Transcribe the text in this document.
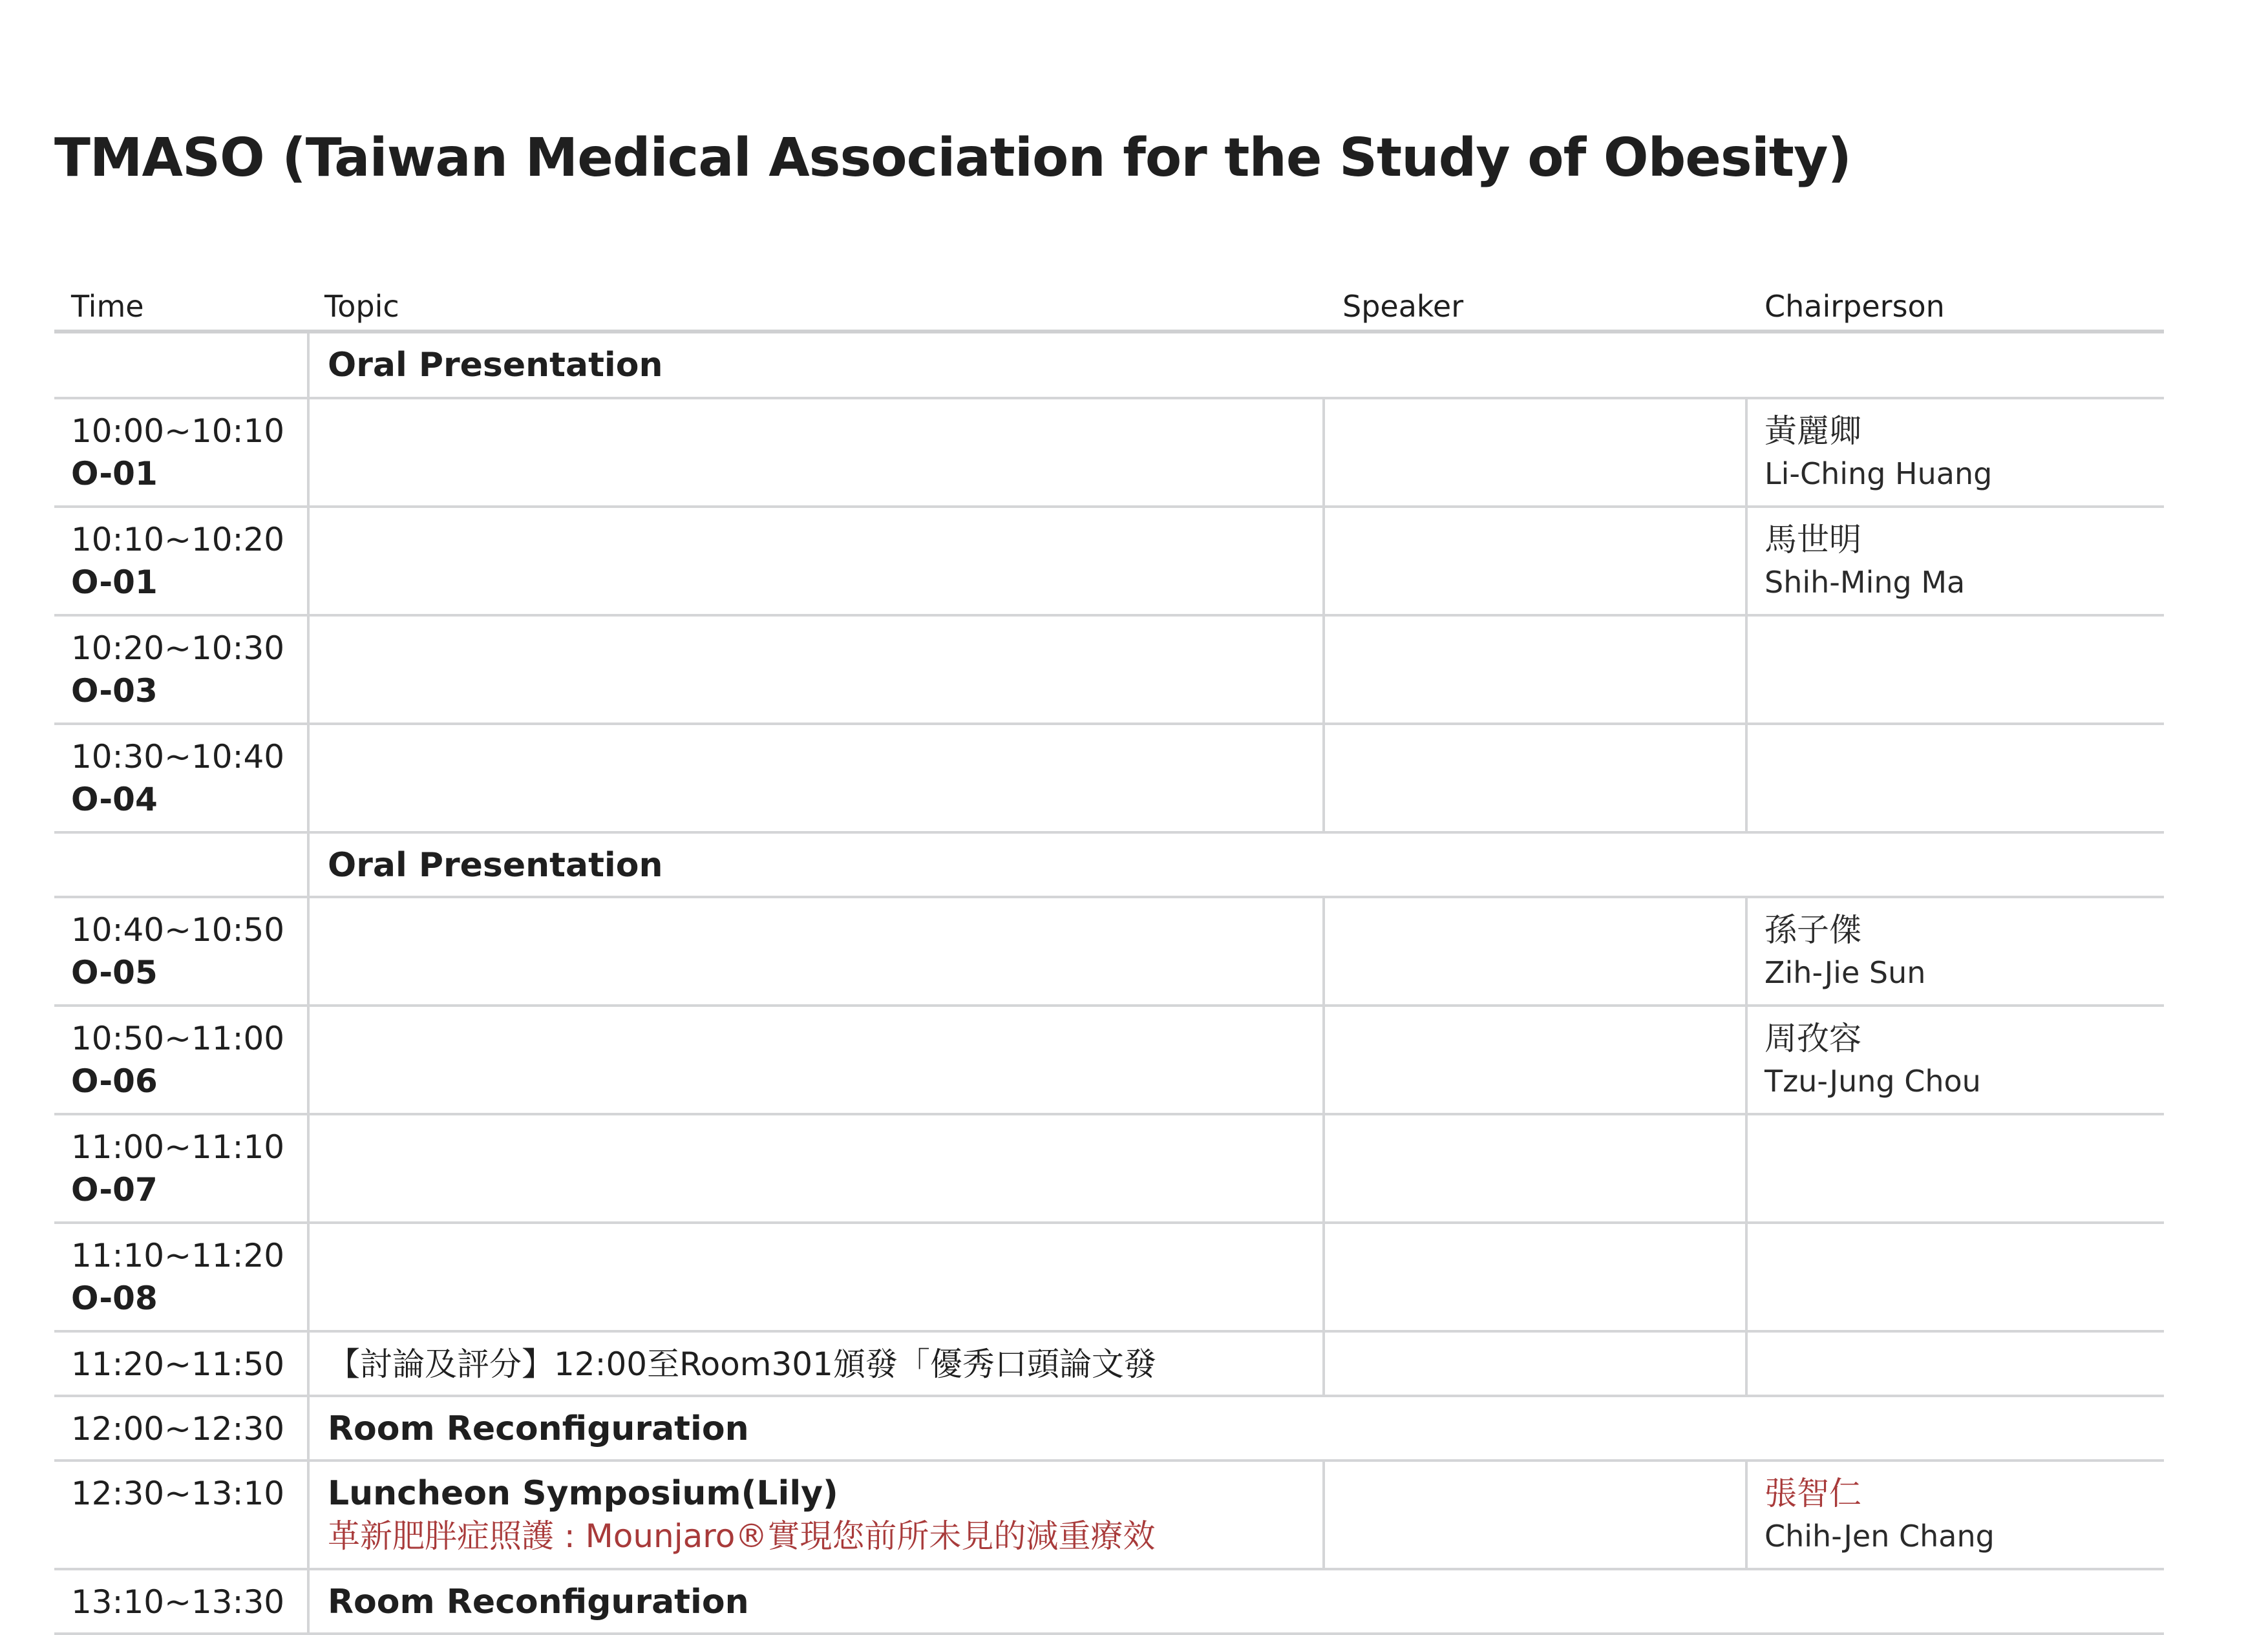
TMASO (Taiwan Medical Association for the Study of Obesity)
Time	Topic	Speaker	Chairperson
	Oral Presentation		

10:00~10:10
O-01			黃麗卿
Li-Ching Huang

10:10~10:20
O-01			馬世明
Shih-Ming Ma

10:20~10:30
O-03			

10:30~10:40
O-04			

	Oral Presentation		

10:40~10:50
O-05			孫子傑
Zih-Jie Sun

10:50~11:00
O-06			周孜容
Tzu-Jung Chou

11:00~11:10
O-07			

11:10~11:20
O-08			

11:20~11:50	【討論及評分】12:00至Room301頒發「優秀口頭論文發		

12:00~12:30	Room Reconfiguration		

12:30~13:10	Luncheon Symposium(Lily)
革新肥胖症照護 : Mounjaro®實現您前所未見的減重療效		張智仁
Chih-Jen Chang

13:10~13:30	Room Reconfiguration		
